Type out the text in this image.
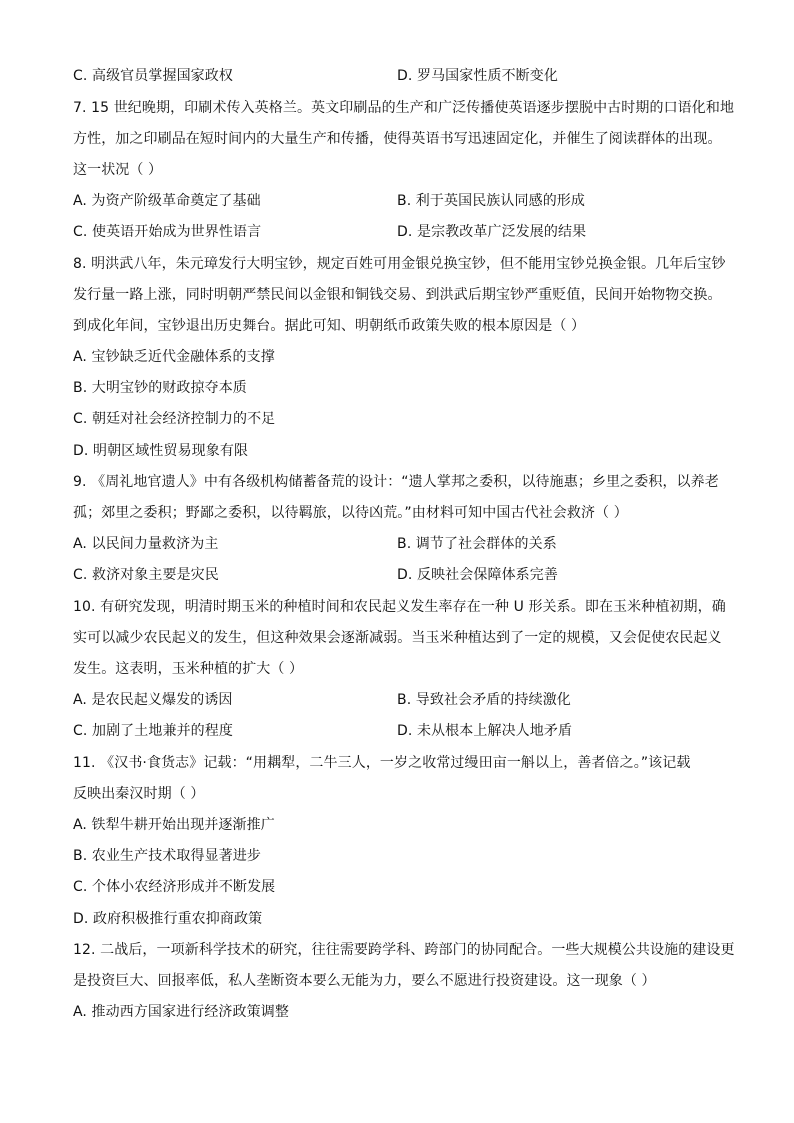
C. 高级官员掌握国家政权	D. 罗马国家性质不断变化
7. 15 世纪晚期，印刷术传入英格兰。英文印刷品的生产和广泛传播使英语逐步摆脱中古时期的口语化和地
方性，加之印刷品在短时间内的大量生产和传播，使得英语书写迅速固定化，并催生了阅读群体的出现。
这一状况（ ）
A. 为资产阶级革命奠定了基础	B. 利于英国民族认同感的形成
C. 使英语开始成为世界性语言	D. 是宗教改革广泛发展的结果
8. 明洪武八年，朱元璋发行大明宝钞，规定百姓可用金银兑换宝钞，但不能用宝钞兑换金银。几年后宝钞
发行量一路上涨，同时明朝严禁民间以金银和铜钱交易、到洪武后期宝钞严重贬值，民间开始物物交换。
到成化年间，宝钞退出历史舞台。据此可知、明朝纸币政策失败的根本原因是（ ）
A. 宝钞缺乏近代金融体系的支撑
B. 大明宝钞的财政掠夺本质
C. 朝廷对社会经济控制力的不足
D. 明朝区域性贸易现象有限
9. 《周礼地官遗人》中有各级机构储蓄备荒的设计：“遗人掌邦之委积，以待施惠；乡里之委积，以养老
孤；郊里之委积；野鄙之委积，以待羁旅，以待凶荒。”由材料可知中国古代社会救济（ ）
A. 以民间力量救济为主	B. 调节了社会群体的关系
C. 救济对象主要是灾民	D. 反映社会保障体系完善
10. 有研究发现，明清时期玉米的种植时间和农民起义发生率存在一种 U 形关系。即在玉米种植初期，确
实可以减少农民起义的发生，但这种效果会逐渐减弱。当玉米种植达到了一定的规模，又会促使农民起义
发生。这表明，玉米种植的扩大（ ）
A. 是农民起义爆发的诱因	B. 导致社会矛盾的持续激化
C. 加剧了土地兼并的程度	D. 未从根本上解决人地矛盾
11. 《汉书·食货志》记载：“用耦犁，二牛三人，一岁之收常过缦田亩一斛以上，善者倍之。”该记载
反映出秦汉时期（ ）
A. 铁犁牛耕开始出现并逐渐推广
B. 农业生产技术取得显著进步
C. 个体小农经济形成并不断发展
D. 政府积极推行重农抑商政策
12. 二战后，一项新科学技术的研究，往往需要跨学科、跨部门的协同配合。一些大规模公共设施的建设更
是投资巨大、回报率低，私人垄断资本要么无能为力，要么不愿进行投资建设。这一现象（ ）
A. 推动西方国家进行经济政策调整
